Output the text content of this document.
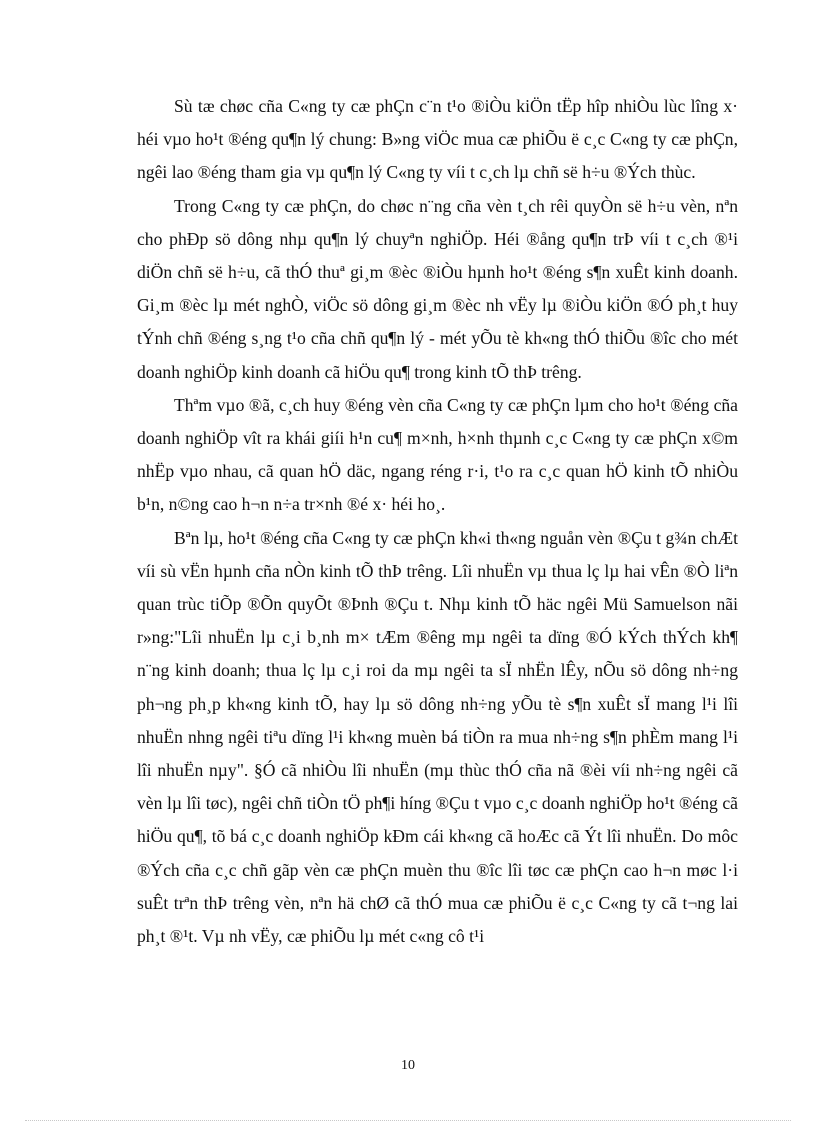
Sù tæ chøc cña C«ng ty cæ phÇn c¨n t¹o ®iÒu kiÖn tËp hîp nhiÒu lùc lîng x· héi vµo ho¹t ®éng qu¶n lý chung: B»ng viÖc mua cæ phiÕu ë c¸c C«ng ty cæ phÇn, ngêi lao ®éng tham gia vµ qu¶n lý C«ng ty víi t c¸ch lµ chñ së h÷u ®Ých thùc.

Trong C«ng ty cæ phÇn, do chøc n¨ng cña vèn t¸ch rêi quyÒn së h÷u vèn, nªn cho phÐp sö dông nhµ qu¶n lý chuyªn nghiÖp. Héi ®ång qu¶n trÞ víi t c¸ch ®¹i diÖn chñ së h÷u, cã thÓ thuª gi¸m ®èc ®iÒu hµnh ho¹t ®éng s¶n xuÊt kinh doanh. Gi¸m ®èc lµ mét nghÒ, viÖc sö dông gi¸m ®èc nh vËy lµ ®iÒu kiÖn ®Ó ph¸t huy tÝnh chñ ®éng s¸ng t¹o cña chñ qu¶n lý - mét yÕu tè kh«ng thÓ thiÕu ®îc cho mét doanh nghiÖp kinh doanh cã hiÖu qu¶ trong kinh tÕ thÞ trêng.

Thªm vµo ®ã, c¸ch huy ®éng vèn cña C«ng ty cæ phÇn lµm cho ho¹t ®éng cña doanh nghiÖp vît ra khái giíi h¹n cu¶ m×nh, h×nh thµnh c¸c C«ng ty cæ phÇn x©m nhËp vµo nhau, cã quan hÖ däc, ngang réng r·i, t¹o ra c¸c quan hÖ kinh tÕ nhiÒu b¹n, n©ng cao h¬n n÷a tr×nh ®é x· héi ho¸.

Bªn lµ, ho¹t ®éng cña C«ng ty cæ phÇn kh«i th«ng nguån vèn ®Çu t g¾n chÆt víi sù vËn hµnh cña nÒn kinh tÕ thÞ trêng. Lîi nhuËn vµ thua lç lµ hai vÊn ®Ò liªn quan trùc tiÕp ®Õn quyÕt ®Þnh ®Çu t. Nhµ kinh tÕ häc ngêi Mü Samuelson nãi r»ng:"Lîi nhuËn lµ c¸i b¸nh m× tÆm ®êng mµ ngêi ta dïng ®Ó kÝch thÝch kh¶ n¨ng kinh doanh; thua lç lµ c¸i roi da mµ ngêi ta sÏ nhËn lÊy, nÕu sö dông nh÷ng ph¬ng ph¸p kh«ng kinh tÕ, hay lµ sö dông nh÷ng yÕu tè s¶n xuÊt sÏ mang l¹i lîi nhuËn nhng ngêi tiªu dïng l¹i kh«ng muèn bá tiÒn ra mua nh÷ng s¶n phÈm mang l¹i lîi nhuËn nµy". §Ó cã nhiÒu lîi nhuËn (mµ thùc thÓ cña nã ®èi víi nh÷ng ngêi cã vèn lµ lîi tøc), ngêi chñ tiÒn tÖ ph¶i híng ®Çu t vµo c¸c doanh nghiÖp ho¹t ®éng cã hiÖu qu¶, tõ bá c¸c doanh nghiÖp kÐm cái kh«ng cã hoÆc cã Ýt lîi nhuËn. Do môc ®Ých cña c¸c chñ gãp vèn cæ phÇn muèn thu ®îc lîi tøc cæ phÇn cao h¬n møc l·i suÊt trªn thÞ trêng vèn, nªn hä chØ cã thÓ mua cæ phiÕu ë c¸c C«ng ty cã t¬ng lai ph¸t ®¹t. Vµ nh vËy, cæ phiÕu lµ mét c«ng cô t¹i

10
